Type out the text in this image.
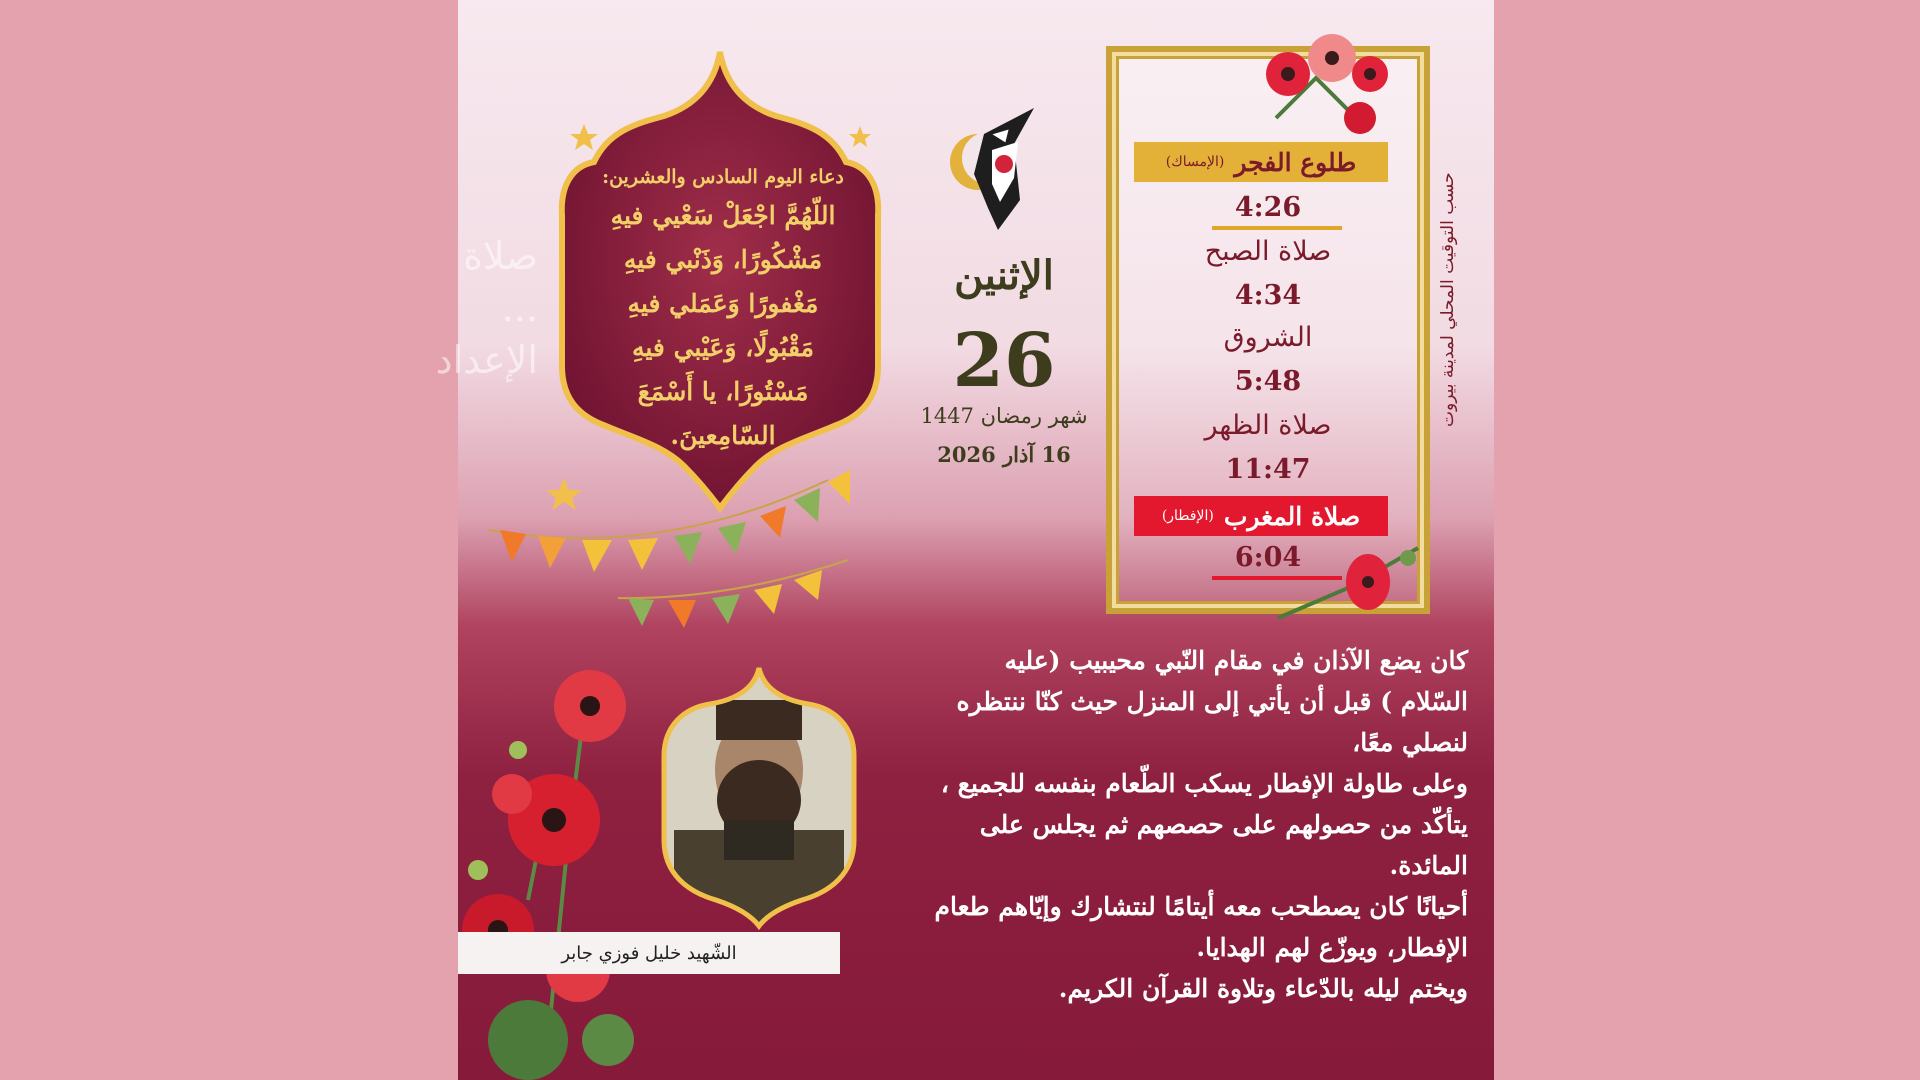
صلاة ... الإعداد
دعاء اليوم السادس والعشرين:
اللّهُمَّ اجْعَلْ سَعْيي فيهِ
مَشْكُورًا، وَذَنْبي فيهِ
مَغْفورًا وَعَمَلي فيهِ
مَقْبُولًا، وَعَيْبي فيهِ
مَسْتُورًا، يا أَسْمَعَ
السّامِعينَ.
الإثنين
26
شهر رمضان 1447
16 آذار 2026
طلوع الفجر
(الإمساك)
4:26
صلاة الصبح
4:34
الشروق
5:48
صلاة الظهر
11:47
صلاة المغرب
(الإفطار)
6:04
حسب التوقيت المحلي لمدينة بيروت
الشّهيد خليل فوزي جابر

كان يضع الآذان في مقام النّبي محيبيب (عليه

السّلام ) قبل أن يأتي إلى المنزل حيث كنّا ننتظره

لنصلي معًا،

وعلى طاولة الإفطار يسكب الطّعام بنفسه للجميع ،

يتأكّد من حصولهم على حصصهم ثم يجلس على

المائدة.

أحيانًا كان يصطحب معه أيتامًا لنتشارك وإيّاهم طعام

الإفطار، ويوزّع لهم الهدايا.

ويختم ليله بالدّعاء وتلاوة القرآن الكريم.
